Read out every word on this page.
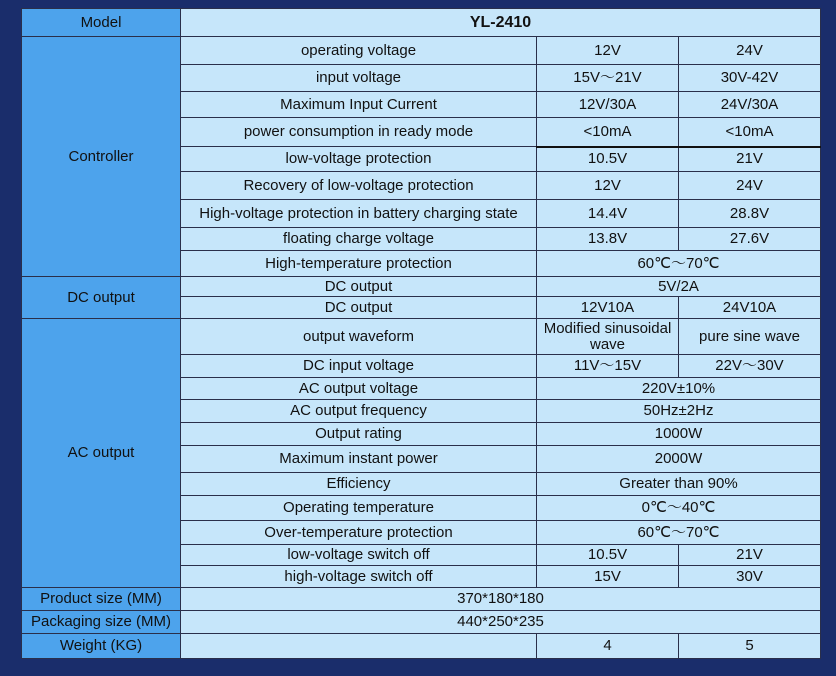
Model	YL-2410		
Controller	operating voltage	12V	24V
	input voltage	15V～21V	30V-42V
	Maximum Input Current	12V/30A	24V/30A
	power consumption in ready mode	<10mA	<10mA
	low-voltage protection	10.5V	21V
	Recovery of low-voltage protection	12V	24V
	High-voltage protection in battery charging state	14.4V	28.8V
	floating charge voltage	13.8V	27.6V
	High-temperature protection	60℃～70℃	
DC output	DC output	5V/2A	
	DC output	12V10A	24V10A
AC output	output waveform	Modified sinusoidal wave	pure sine wave
	DC input voltage	11V～15V	22V～30V
	AC output voltage	220V±10%	
	AC output frequency	50Hz±2Hz	
	Output rating	1000W	
	Maximum instant power	2000W	
	Efficiency	Greater than 90%	
	Operating temperature	0℃～40℃	
	Over-temperature protection	60℃～70℃	
	low-voltage switch off	10.5V	21V
	high-voltage switch off	15V	30V
Product size (MM)	370*180*180		
Packaging size (MM)	440*250*235		
Weight (KG)		4	5
